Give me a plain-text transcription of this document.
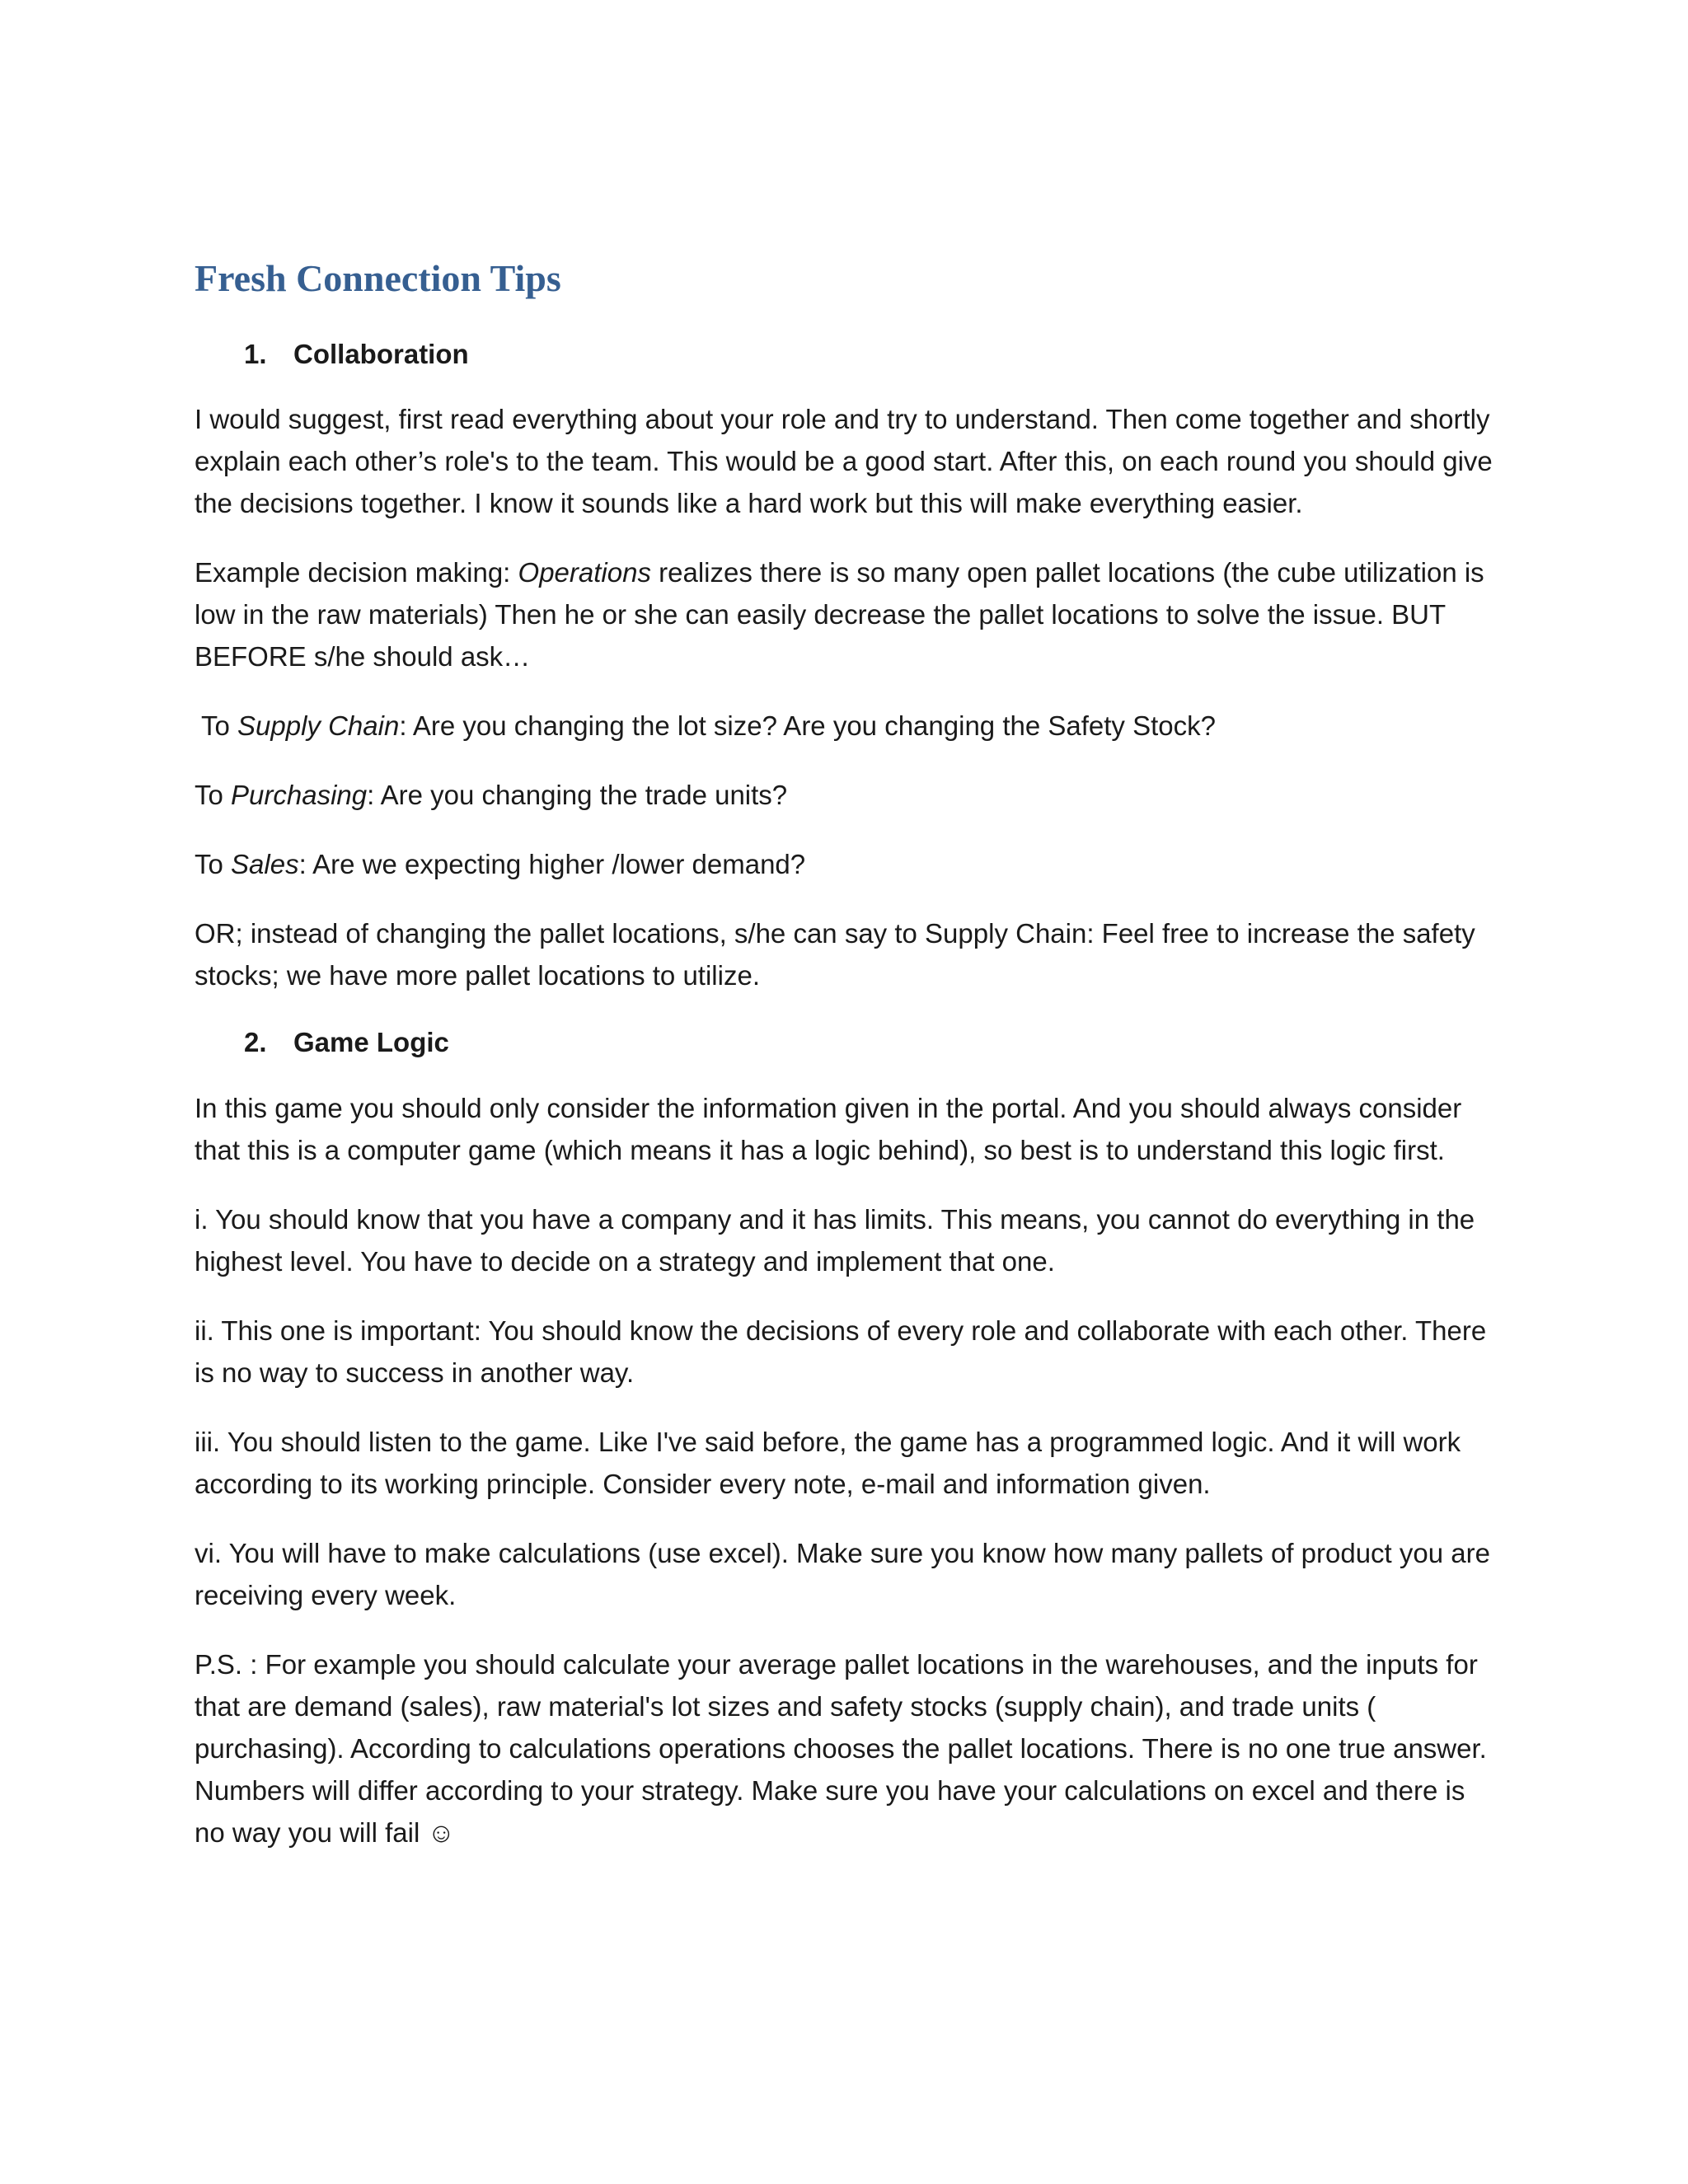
Fresh Connection Tips
1. Collaboration

I would suggest, first read everything about your role and try to understand. Then come together and shortly explain each other’s role's to the team. This would be a good start. After this, on each round you should give the decisions together. I know it sounds like a hard work but this will make everything easier.

Example decision making: Operations realizes there is so many open pallet locations (the cube utilization is low in the raw materials) Then he or she can easily decrease the pallet locations to solve the issue. BUT BEFORE s/he should ask…

To Supply Chain: Are you changing the lot size? Are you changing the Safety Stock?

To Purchasing: Are you changing the trade units?

To Sales: Are we expecting higher /lower demand?

OR; instead of changing the pallet locations, s/he can say to Supply Chain: Feel free to increase the safety stocks; we have more pallet locations to utilize.

2. Game Logic

In this game you should only consider the information given in the portal. And you should always consider that this is a computer game (which means it has a logic behind), so best is to understand this logic first.

i. You should know that you have a company and it has limits. This means, you cannot do everything in the highest level. You have to decide on a strategy and implement that one.

ii. This one is important: You should know the decisions of every role and collaborate with each other. There is no way to success in another way.

iii. You should listen to the game. Like I've said before, the game has a programmed logic. And it will work according to its working principle. Consider every note, e-mail and information given.

vi. You will have to make calculations (use excel). Make sure you know how many pallets of product you are receiving every week.

P.S. : For example you should calculate your average pallet locations in the warehouses, and the inputs for that are demand (sales), raw material's lot sizes and safety stocks (supply chain), and trade units ( purchasing). According to calculations operations chooses the pallet locations. There is no one true answer. Numbers will differ according to your strategy. Make sure you have your calculations on excel and there is no way you will fail ☺
